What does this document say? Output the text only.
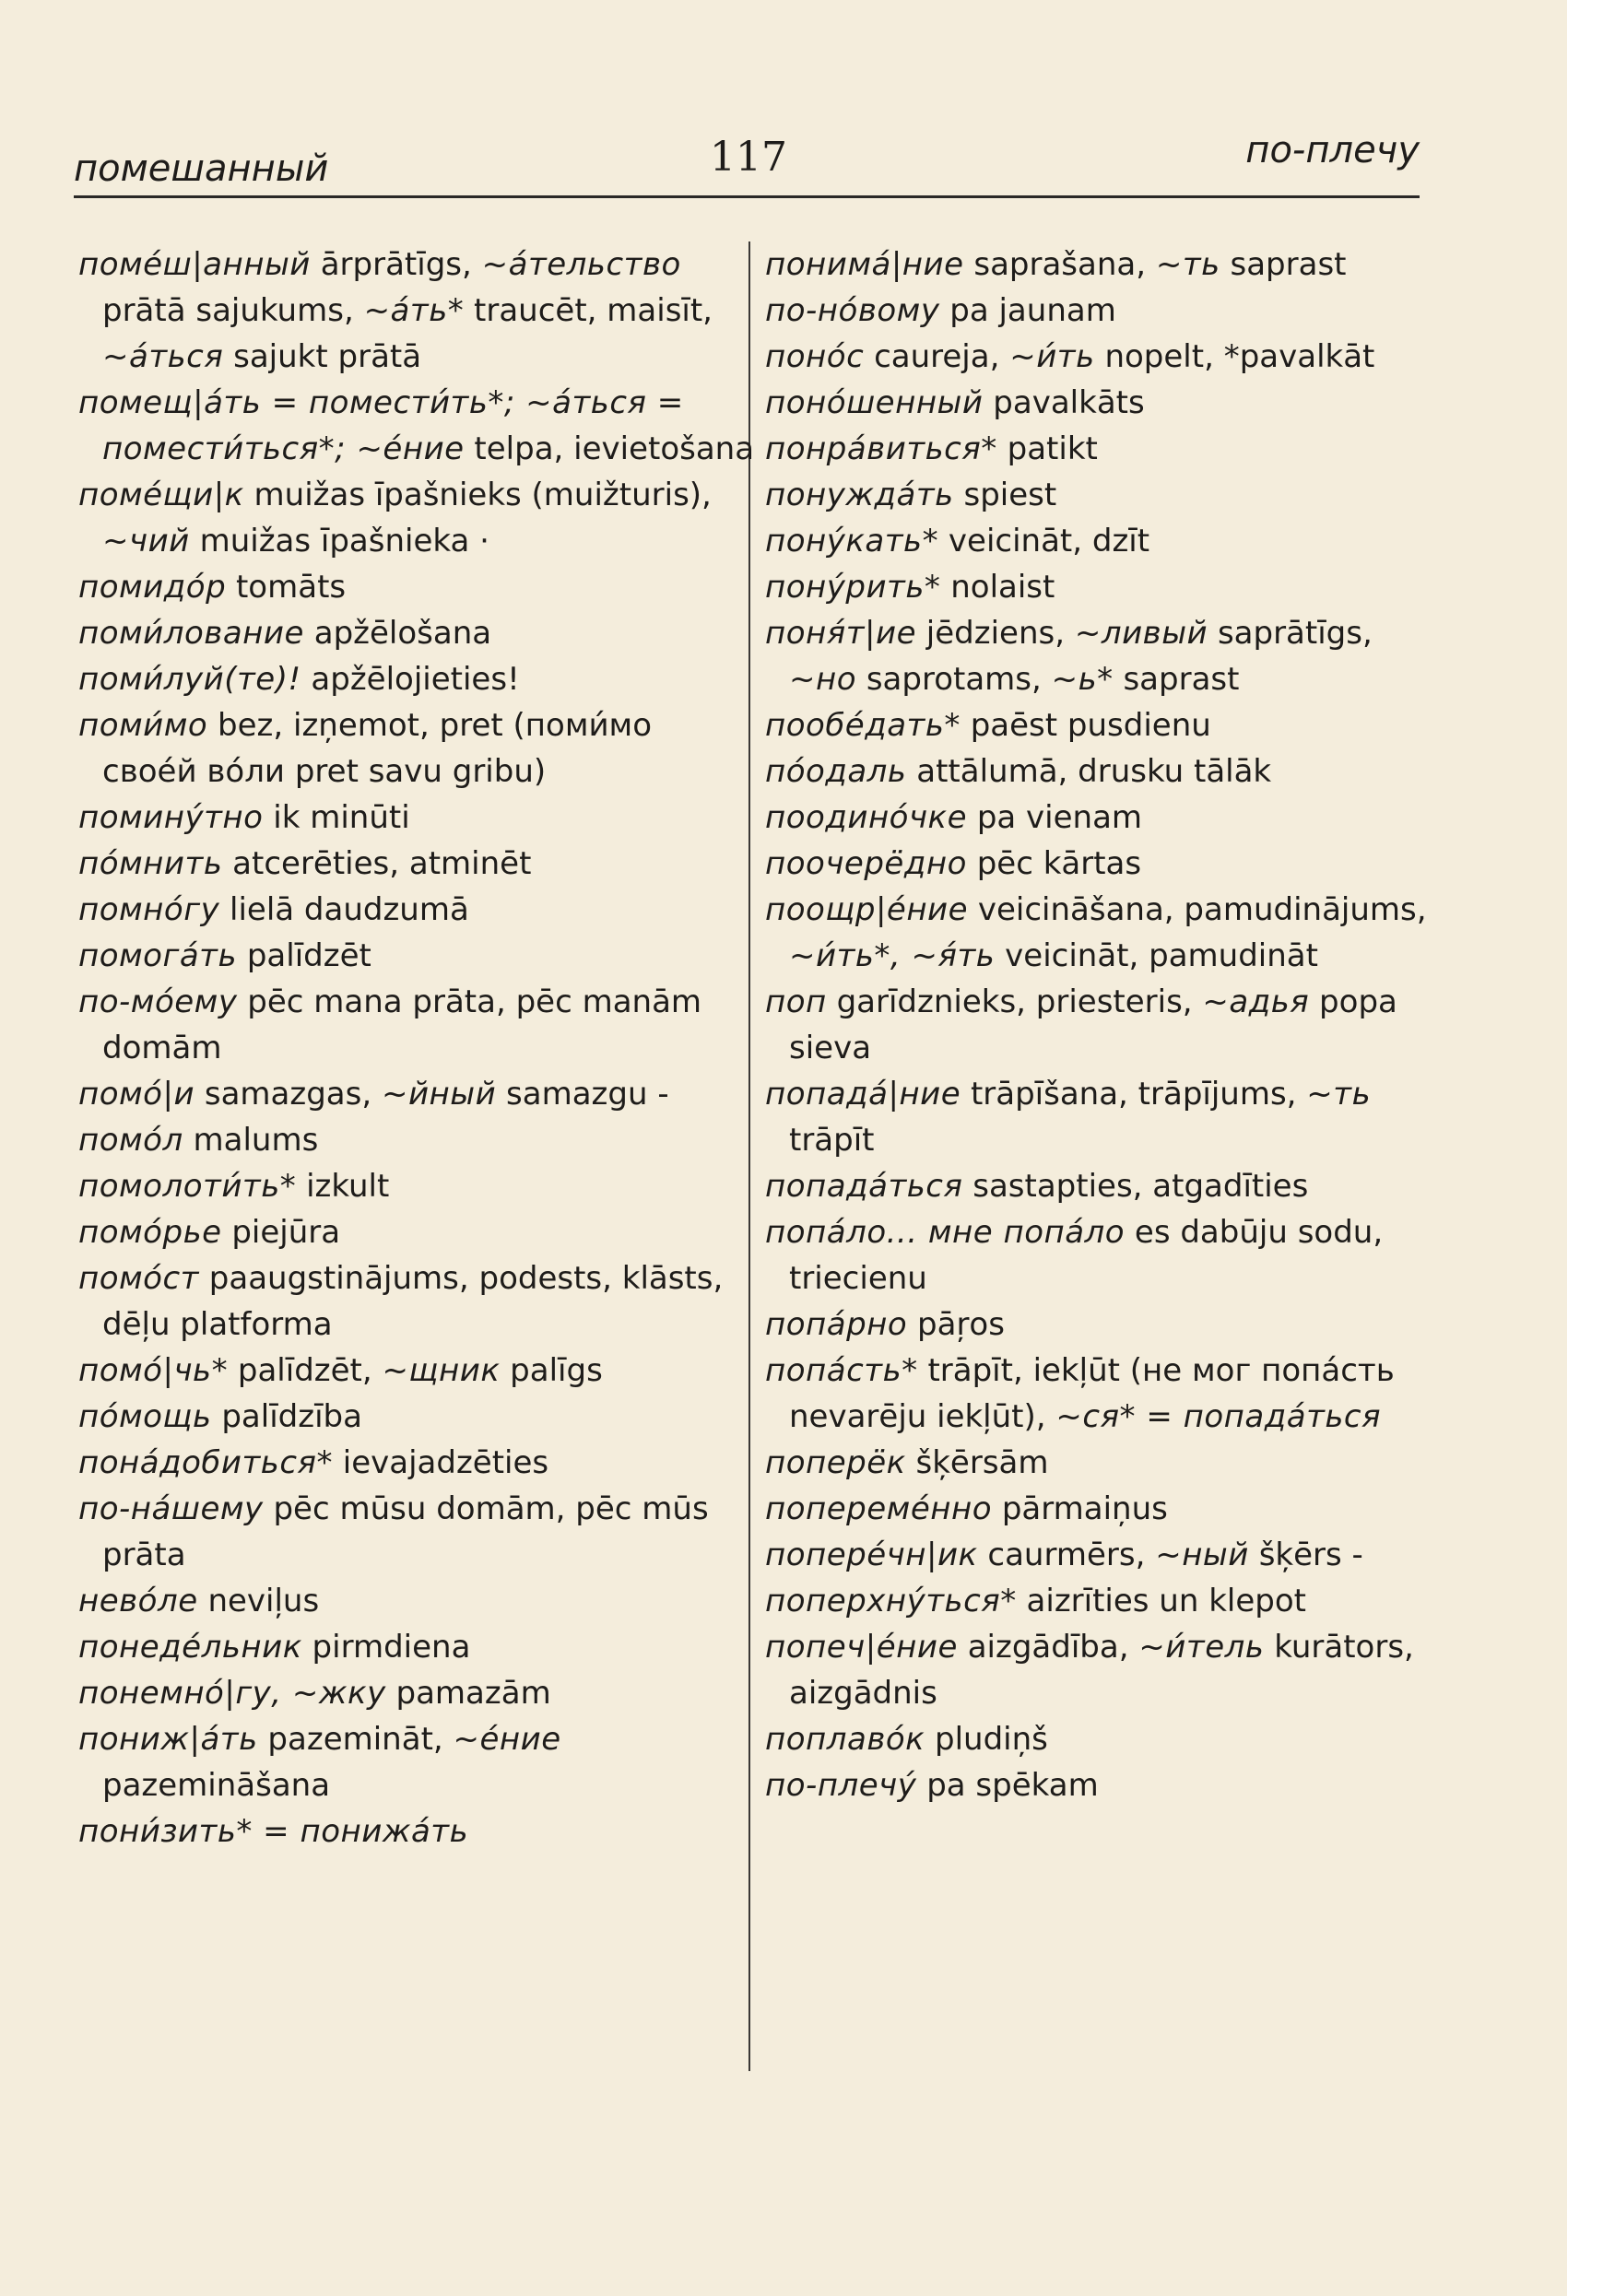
помешанный	117	по-плечу

поме́ш|анный ārprātīgs, ~а́тельство prātā sajukums, ~а́ть* traucēt, maisīt, ~а́ться sajukt prātā

помещ|а́ть = помести́ть*; ~а́ться = помести́ться*; ~е́ние telpa, ievietošana

поме́щи|к muižas īpašnieks (muižturis), ~чий muižas īpašnieka ·

помидо́р tomāts

поми́лование apžēlošana

поми́луй(те)! apžēlojieties!

поми́мо bez, izņemot, pret (поми́мо свое́й во́ли pret savu gribu)

помину́тно ik minūti

по́мнить atcerēties, atminēt

помно́гу lielā daudzumā

помога́ть palīdzēt

по-мо́ему pēc mana prāta, pēc manām domām

помо́|и samazgas, ~йный samazgu -

помо́л malums

помолоти́ть* izkult

помо́рье piejūra

помо́ст paaugstinājums, podests, klāsts, dēļu platforma

помо́|чь* palīdzēt, ~щник palīgs

по́мощь palīdzība

пона́добиться* ievajadzēties

по-на́шему pēc mūsu domām, pēc mūs prāta

нево́ле neviļus

понеде́льник pirmdiena

понемно́|гу, ~жку pamazām

пониж|а́ть pazemināt, ~е́ние pazemināšana

пони́зить* = понижа́ть

понима́|ние saprašana, ~ть saprast

по-но́вому pa jaunam

поно́с caureja, ~и́ть nopelt, *pavalkāt

поно́шенный pavalkāts

понра́виться* patikt

понужда́ть spiest

пону́кать* veicināt, dzīt

пону́рить* nolaist

поня́т|ие jēdziens, ~ливый saprātīgs, ~но saprotams, ~ь* saprast

пообе́дать* paēst pusdienu

по́одаль attālumā, drusku tālāk

поодино́чке pa vienam

поочерёдно pēc kārtas

поощр|е́ние veicināšana, pamudinājums, ~и́ть*, ~я́ть veicināt, pamudināt

поп garīdznieks, priesteris, ~адья popa sieva

попада́|ние trāpīšana, trāpījums, ~ть trāpīt

попада́ться sastapties, atgadīties

попа́ло... мне попа́ло es dabūju sodu, triecienu

попа́рно pāŗos

попа́сть* trāpīt, iekļūt (не мог попа́сть nevarēju iekļūt), ~ся* = попада́ться

поперёк šķērsām

попереме́нно pārmaiņus

попере́чн|ик caurmērs, ~ный šķērs -

поперхну́ться* aizrīties un klepot

попеч|е́ние aizgādība, ~и́тель kurātors, aizgādnis

поплаво́к pludiņš

по-плечу́ pa spēkam
